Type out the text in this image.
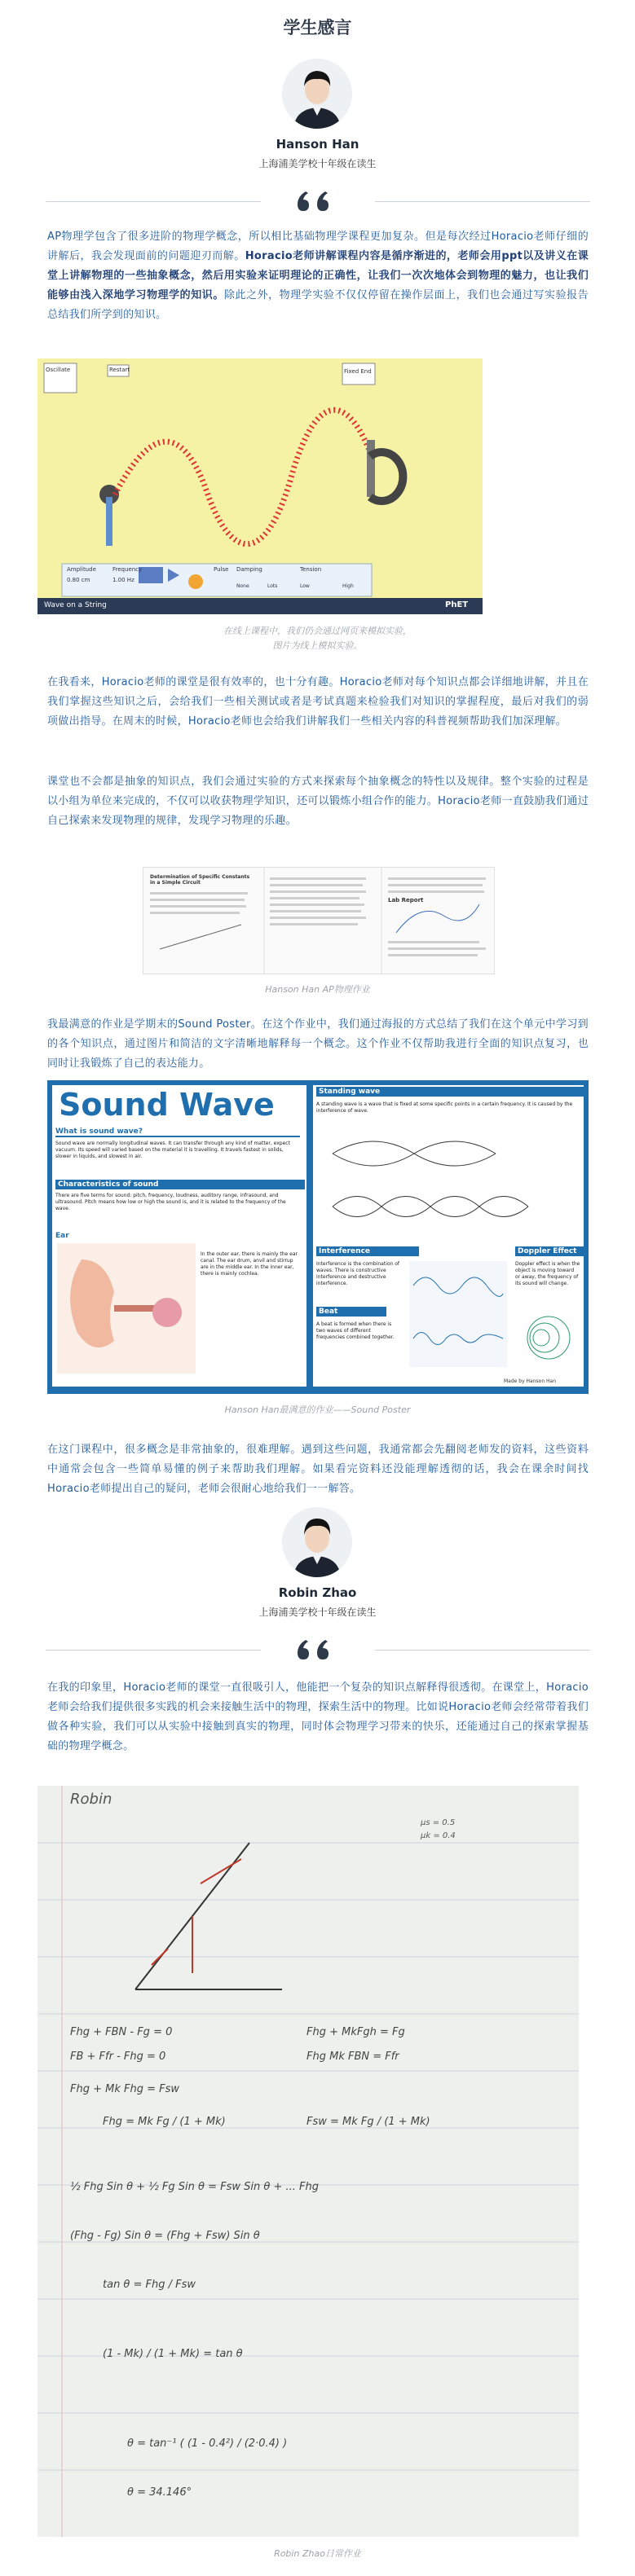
学生感言
Hanson Han
上海浦美学校十年级在读生
AP物理学包含了很多进阶的物理学概念，所以相比基础物理学课程更加复杂。但是每次经过Horacio老师仔细的讲解后，我会发现面前的问题迎刃而解。Horacio老师讲解课程内容是循序渐进的，老师会用ppt以及讲义在课堂上讲解物理的一些抽象概念，然后用实验来证明理论的正确性，让我们一次次地体会到物理的魅力，也让我们能够由浅入深地学习物理学的知识。除此之外，物理学实验不仅仅停留在操作层面上，我们也会通过写实验报告总结我们所学到的知识。
Oscillate	Restart	Fixed End
Amplitude
0.80 cm
Frequency
1.00 Hz
Pulse Damping
None	Lots
Tension
Low	High
Wave on a String	PhET
在线上课程中，我们仍会通过网页来模拟实验，
图片为线上模拟实验。
在我看来，Horacio老师的课堂是很有效率的，也十分有趣。Horacio老师对每个知识点都会详细地讲解，并且在我们掌握这些知识之后，会给我们一些相关测试或者是考试真题来检验我们对知识的掌握程度，最后对我们的弱项做出指导。在周末的时候，Horacio老师也会给我们讲解我们一些相关内容的科普视频帮助我们加深理解。
课堂也不会都是抽象的知识点，我们会通过实验的方式来探索每个抽象概念的特性以及规律。整个实验的过程是以小组为单位来完成的，不仅可以收获物理学知识，还可以锻炼小组合作的能力。Horacio老师一直鼓励我们通过自己探索来发现物理的规律，发现学习物理的乐趣。
Determination of Specific Constants in a Simple Circuit
Lab Report
Hanson Han AP物理作业
我最满意的作业是学期末的Sound Poster。在这个作业中，我们通过海报的方式总结了我们在这个单元中学习到的各个知识点，通过图片和简洁的文字清晰地解释每一个概念。这个作业不仅帮助我进行全面的知识点复习，也同时让我锻炼了自己的表达能力。
Sound Wave
What is sound wave?
Sound wave are normally longitudinal waves. It can transfer through any kind of matter, expect vacuum. Its speed will varied based on the material it is travelling. It travels fastest in solids, slower in liquids, and slowest in air.
Characteristics of sound
There are five terms for sound: pitch, frequency, loudness, auditory range, infrasound, and ultrasound. Pitch means how low or high the sound is, and it is related to the frequency of the wave.
Ear
In the outer ear, there is mainly the ear canal. The ear drum, anvil and stirrup are in the middle ear. In the inner ear, there is mainly cochlea.
Standing wave
A standing wave is a wave that is fixed at some specific points in a certain frequency. It is caused by the interference of wave.
Interference
Interference is the combination of waves. There is constructive interference and destructive interference.
Beat
A beat is formed when there is two waves of different frequencies combined together.
Doppler Effect
Doppler effect is when the object is moving toward or away, the frequency of its sound will change.
Made by Hanson Han
Hanson Han最满意的作业——Sound Poster
在这门课程中，很多概念是非常抽象的，很难理解。遇到这些问题，我通常都会先翻阅老师发的资料，这些资料中通常会包含一些简单易懂的例子来帮助我们理解。如果看完资料还没能理解透彻的话，我会在课余时间找Horacio老师提出自己的疑问，老师会很耐心地给我们一一解答。
Robin Zhao
上海浦美学校十年级在读生
在我的印象里，Horacio老师的课堂一直很吸引人，他能把一个复杂的知识点解释得很透彻。在课堂上，Horacio老师会给我们提供很多实践的机会来接触生活中的物理，探索生活中的物理。比如说Horacio老师会经常带着我们做各种实验，我们可以从实验中接触到真实的物理，同时体会物理学习带来的快乐，还能通过自己的探索掌握基础的物理学概念。
Robin
μs = 0.5
μk = 0.4
Fhg + FBN - Fg = 0
FB + Ffr - Fhg = 0
Fhg + MkFgh = Fg
Fhg Mk FBN = Ffr
Fhg + Mk Fhg = Fsw
Fhg = Mk Fg / (1 + Mk)	Fsw = Mk Fg / (1 + Mk)
½ Fhg Sin θ + ½ Fg Sin θ = Fsw Sin θ + ... Fhg
(Fhg - Fg) Sin θ = (Fhg + Fsw) Sin θ
tan θ = Fhg / Fsw
(1 - Mk) / (1 + Mk) = tan θ
θ = tan⁻¹ ( (1 - 0.4²) / (2·0.4) )
θ = 34.146°
Robin Zhao日常作业
